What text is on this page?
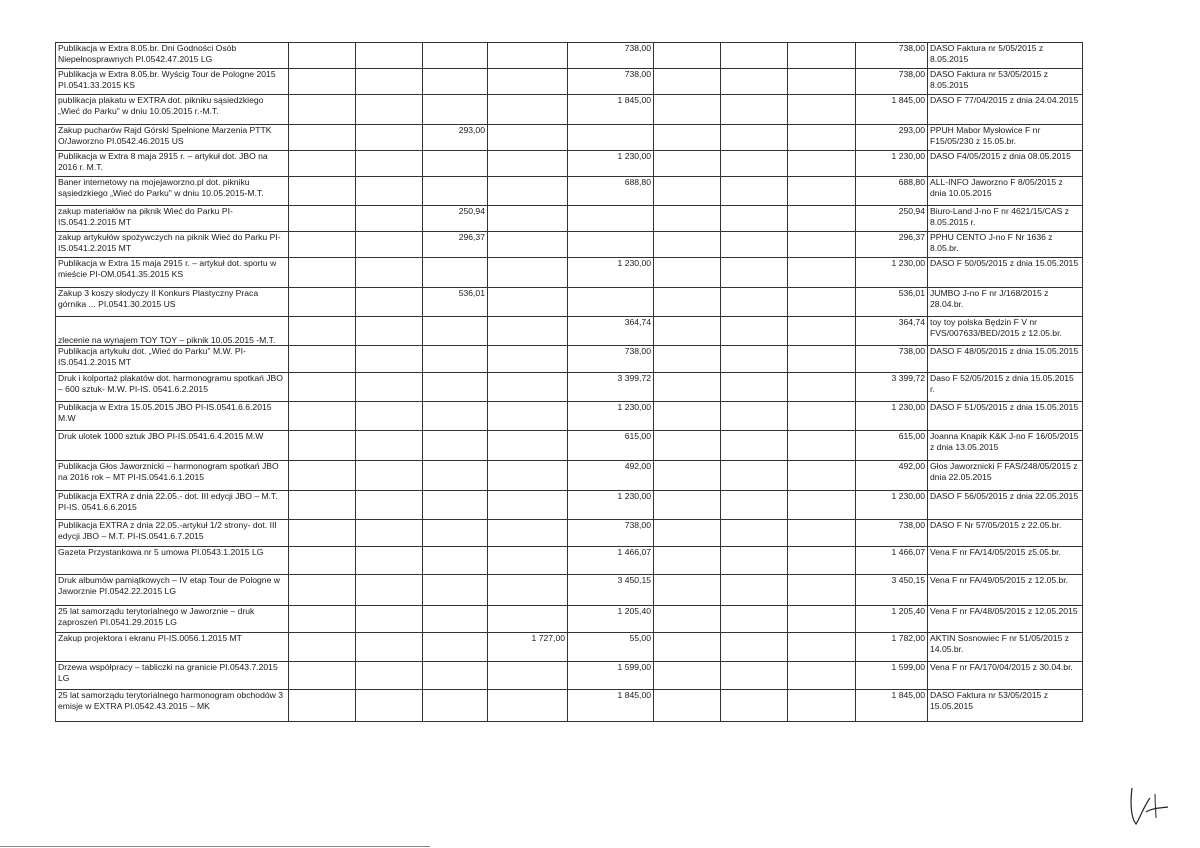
Publikacja w Extra 8.05.br. Dni Godności Osób Niepełnosprawnych PI.0542.47.2015 LG					738,00				738,00	DASO Faktura nr 5/05/2015 z 8.05.2015
Publikacja w Extra 8.05.br. Wyścig Tour de Pologne 2015 PI.0541.33.2015 KS					738,00				738,00	DASO Faktura nr 53/05/2015 z 8.05.2015
publikacja plakatu w EXTRA dot. pikniku sąsiedzkiego „Wieć do Parku" w dniu 10.05.2015 r.-M.T.					1 845,00				1 845,00	DASO F 77/04/2015 z dnia 24.04.2015
Zakup pucharów Rajd Górski Spełnione Marzenia PTTK O/Jaworzno PI.0542.46.2015 US			293,00						293,00	PPUH Mabor Mysłowice F nr F15/05/230 z 15.05.br.
Publikacja w Extra 8 maja 2915 r. – artykuł dot. JBO na 2016 r. M.T.					1 230,00				1 230,00	DASO F4/05/2015 z dnia 08.05.2015
Baner internetowy na mojejaworzno.pl dot. pikniku sąsiedzkiego „Wieć do Parku" w dniu 10.05.2015-M.T.					688,80				688,80	ALL-INFO Jaworzno F 8/05/2015 z dnia 10.05.2015
zakup materiałów na piknik Wieć do Parku PI-IS.0541.2.2015 MT			250,94						250,94	Biuro-Land J-no F nr 4621/15/CAS z 8.05.2015 r.
zakup artykułów spożywczych na piknik Wieć do Parku PI-IS.0541.2.2015 MT			296,37						296,37	PPHU CENTO J-no F Nr 1636 z 8.05.br.
Publikacja w Extra 15 maja 2915 r. – artykuł dot. sportu w mieście PI-OM.0541.35.2015 KS					1 230,00				1 230,00	DASO F 50/05/2015 z dnia 15.05.2015
Zakup 3 koszy słodyczy II Konkurs Plastyczny Praca górnika ... PI.0541.30.2015 US			536,01						536,01	JUMBO J-no F nr J/168/2015 z 28.04.br.
zlecenie na wynajem TOY TOY – piknik 10.05.2015 -M.T.					364,74				364,74	toy toy polska Będzin F V nr FVS/007633/BED/2015 z 12.05.br.
Publikacja artykułu dot. „Wieć do Parku" M.W. PI-IS.0541.2.2015 MT					738,00				738,00	DASO F 48/05/2015 z dnia 15.05.2015
Druk i kolportaż plakatów dot. harmonogramu spotkań JBO – 600 sztuk- M.W. PI-IS. 0541.6.2.2015					3 399,72				3 399,72	Daso F 52/05/2015 z dnia 15.05.2015 r.
Publikacja w Extra 15.05.2015 JBO PI-IS.0541.6.6.2015 M.W					1 230,00				1 230,00	DASO F 51/05/2015 z dnia 15.05.2015
Druk ulotek 1000 sztuk JBO PI-IS.0541.6.4.2015 M.W					615,00				615,00	Joanna Knapik K&K J-no F 16/05/2015 z dnia 13.05.2015
Publikacja Głos Jaworznicki – harmonogram spotkań JBO na 2016 rok – MT PI-IS.0541.6.1.2015					492,00				492,00	Głos Jaworznicki F FAS/248/05/2015 z dnia 22.05.2015
Publikacja EXTRA z dnia 22.05.- dot. III edycji JBO – M.T. PI-IS. 0541.6.6.2015					1 230,00				1 230,00	DASO F 56/05/2015 z dnia 22.05.2015
Publikacja EXTRA z dnia 22.05.-artykuł 1/2 strony- dot. III edycji JBO – M.T. PI-IS.0541.6.7.2015					738,00				738,00	DASO F Nr 57/05/2015 z 22.05.br.
Gazeta Przystankowa nr 5 umowa PI.0543.1.2015 LG					1 466,07				1 466,07	Vena F nr FA/14/05/2015 z5.05.br.
Druk albumów pamiątkowych – IV etap Tour de Pologne w Jaworznie PI.0542.22.2015 LG					3 450,15				3 450,15	Vena F nr FA/49/05/2015 z 12.05.br.
25 lat samorządu terytorialnego w Jaworznie – druk zaproszeń PI.0541.29.2015 LG					1 205,40				1 205,40	Vena F nr FA/48/05/2015 z 12.05.2015
Zakup projektora i ekranu PI-IS.0056.1.2015 MT				1 727,00	55,00				1 782,00	AKTIN Sosnowiec F nr 51/05/2015 z 14.05.br.
Drzewa współpracy – tabliczki na granicie PI.0543.7.2015 LG					1 599,00				1 599,00	Vena F nr FA/170/04/2015 z 30.04.br.
25 lat samorządu terytorialnego harmonogram obchodów 3 emisje w EXTRA PI.0542.43.2015 – MK					1 845,00				1 845,00	DASO Faktura nr 53/05/2015 z 15.05.2015
